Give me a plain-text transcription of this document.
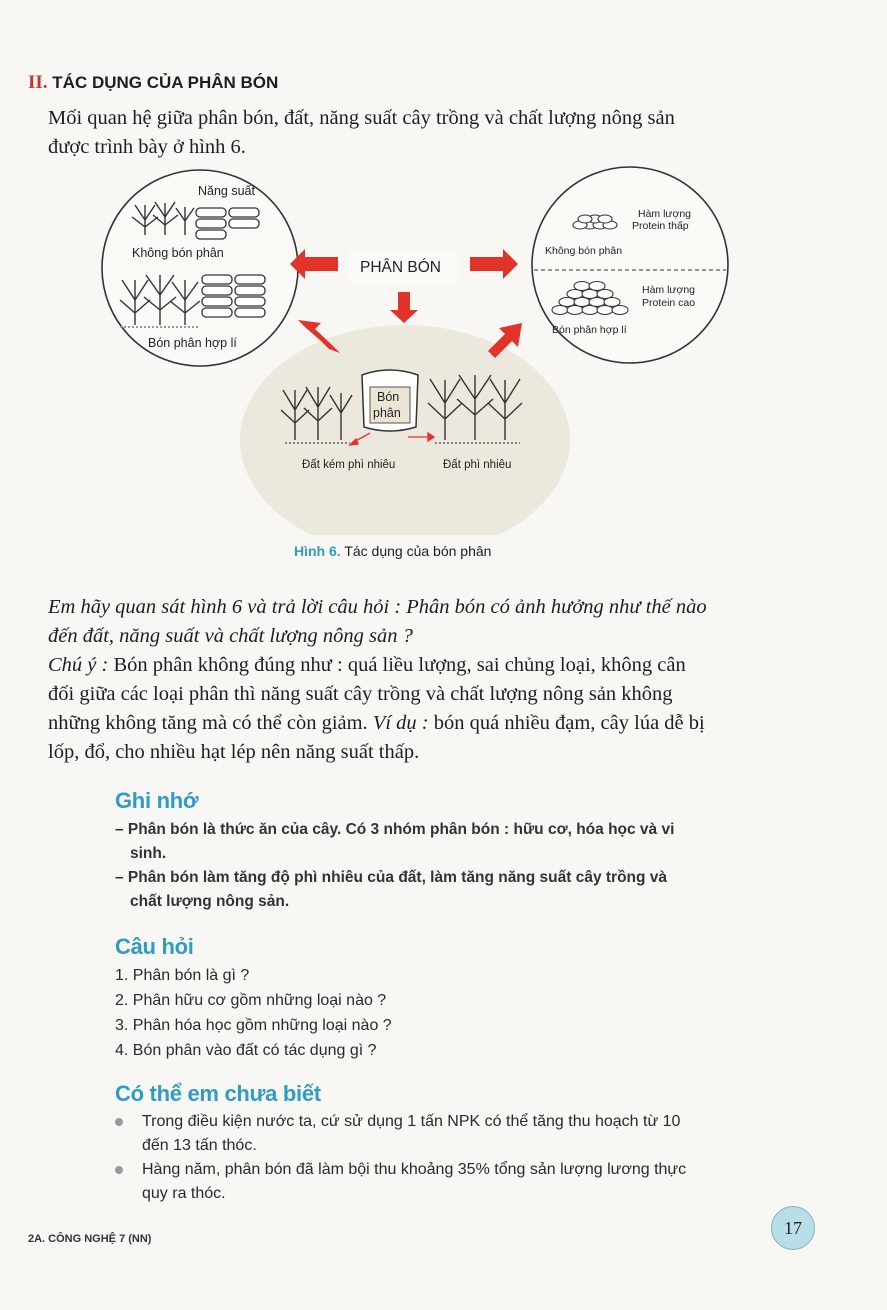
II. TÁC DỤNG CỦA PHÂN BÓN
Mối quan hệ giữa phân bón, đất, năng suất cây trồng và chất lượng nông sản
được trình bày ở hình 6.
Năng suất
Không bón phân
Bón phân hợp lí
Hàm lượng
Protein thấp
Không bón phân
Hàm lượng
Protein cao
Bón phân hợp lí
PHÂN BÓN
Bón
phân
Đất kém phì nhiêu	Đất phì nhiêu
Hình 6. Tác dụng của bón phân
Em hãy quan sát hình 6 và trả lời câu hỏi : Phân bón có ảnh hưởng như thế nào
đến đất, năng suất và chất lượng nông sản ?
Chú ý : Bón phân không đúng như : quá liều lượng, sai chủng loại, không cân
đối giữa các loại phân thì năng suất cây trồng và chất lượng nông sản không
những không tăng mà có thể còn giảm. Ví dụ : bón quá nhiều đạm, cây lúa dễ bị
lốp, đổ, cho nhiều hạt lép nên năng suất thấp.
Ghi nhớ
– Phân bón là thức ăn của cây. Có 3 nhóm phân bón : hữu cơ, hóa học và vi
sinh.
– Phân bón làm tăng độ phì nhiêu của đất, làm tăng năng suất cây trồng và
chất lượng nông sản.
Câu hỏi
1. Phân bón là gì ?
2. Phân hữu cơ gồm những loại nào ?
3. Phân hóa học gồm những loại nào ?
4. Bón phân vào đất có tác dụng gì ?
Có thể em chưa biết
Trong điều kiện nước ta, cứ sử dụng 1 tấn NPK có thể tăng thu hoạch từ 10
đến 13 tấn thóc.
Hàng năm, phân bón đã làm bội thu khoảng 35% tổng sản lượng lương thực
quy ra thóc.
17
2A. CÔNG NGHỆ 7 (NN)
